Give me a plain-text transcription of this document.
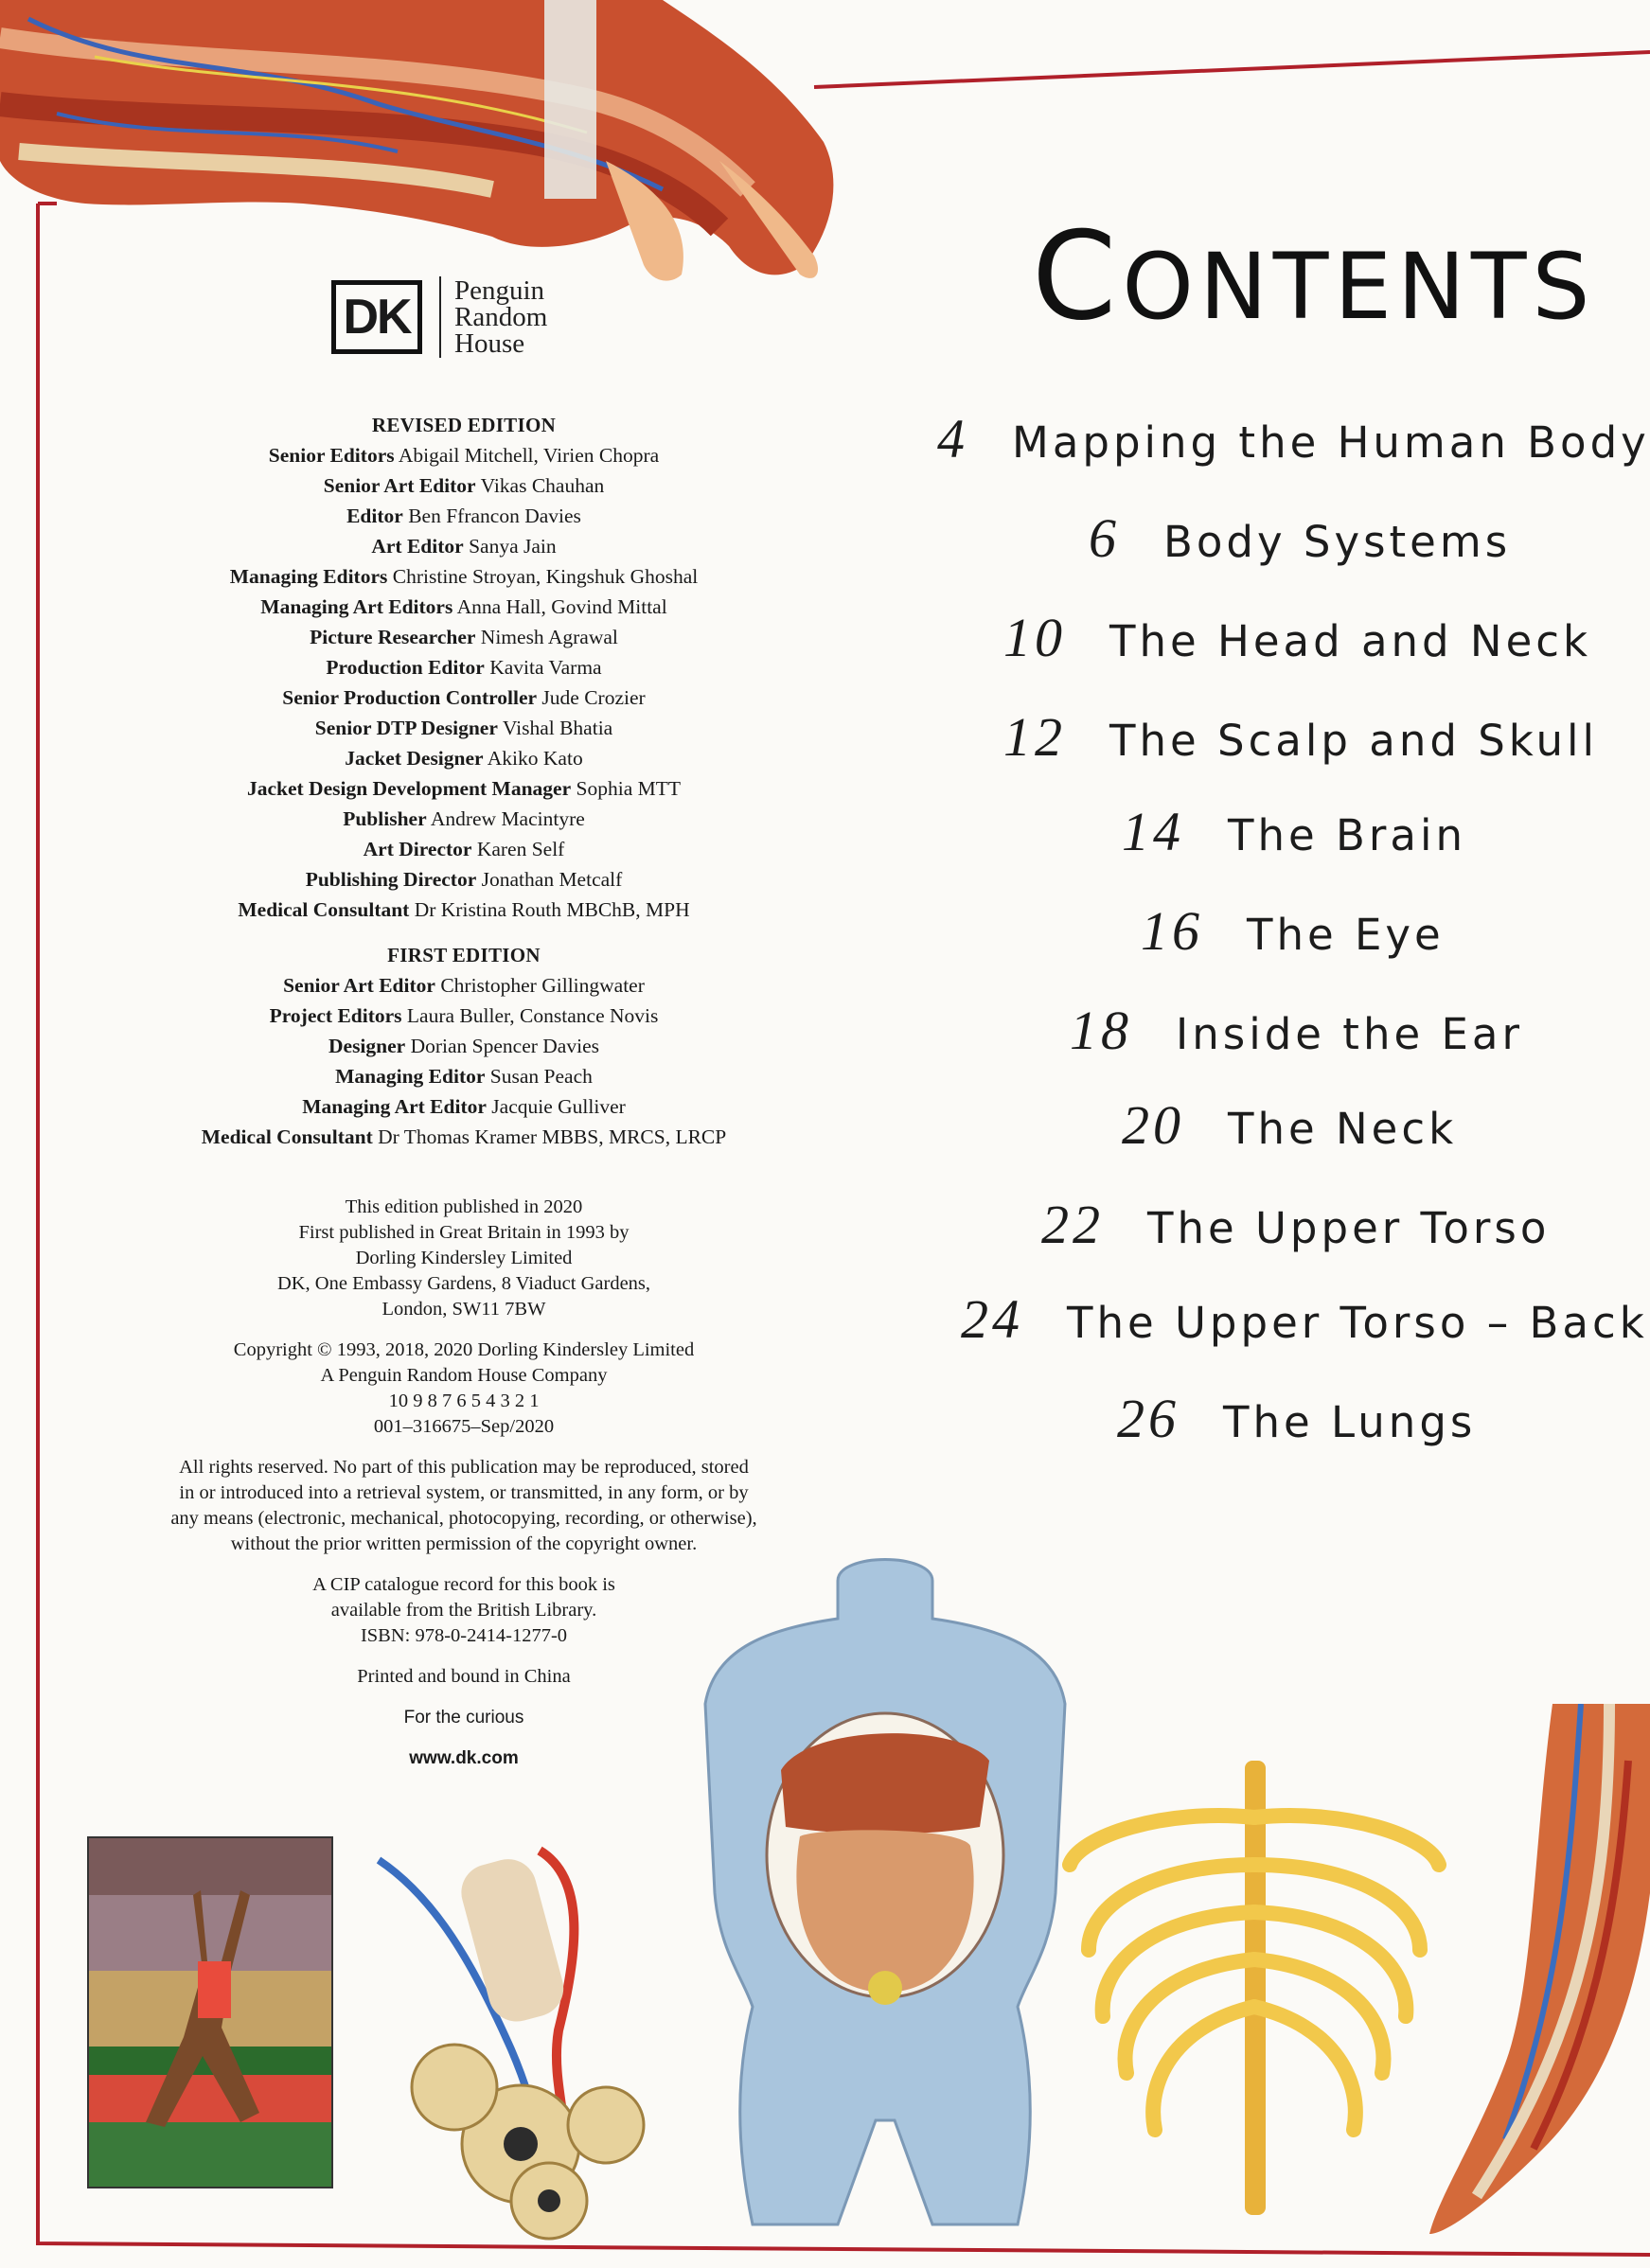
DK	Penguin
Random
House
REVISED EDITION
Senior Editors Abigail Mitchell, Virien Chopra
Senior Art Editor Vikas Chauhan
Editor Ben Ffrancon Davies
Art Editor Sanya Jain
Managing Editors Christine Stroyan, Kingshuk Ghoshal
Managing Art Editors Anna Hall, Govind Mittal
Picture Researcher Nimesh Agrawal
Production Editor Kavita Varma
Senior Production Controller Jude Crozier
Senior DTP Designer Vishal Bhatia
Jacket Designer Akiko Kato
Jacket Design Development Manager Sophia MTT
Publisher Andrew Macintyre
Art Director Karen Self
Publishing Director Jonathan Metcalf
Medical Consultant Dr Kristina Routh MBChB, MPH
FIRST EDITION
Senior Art Editor Christopher Gillingwater
Project Editors Laura Buller, Constance Novis
Designer Dorian Spencer Davies
Managing Editor Susan Peach
Managing Art Editor Jacquie Gulliver
Medical Consultant Dr Thomas Kramer MBBS, MRCS, LRCP
This edition published in 2020
First published in Great Britain in 1993 by
Dorling Kindersley Limited
DK, One Embassy Gardens, 8 Viaduct Gardens,
London, SW11 7BW
Copyright © 1993, 2018, 2020 Dorling Kindersley Limited
A Penguin Random House Company
10 9 8 7 6 5 4 3 2 1
001–316675–Sep/2020
All rights reserved. No part of this publication may be reproduced, stored
in or introduced into a retrieval system, or transmitted, in any form, or by
any means (electronic, mechanical, photocopying, recording, or otherwise),
without the prior written permission of the copyright owner.
A CIP catalogue record for this book is
available from the British Library.
ISBN: 978-0-2414-1277-0
Printed and bound in China
For the curious
www.dk.com
CONTENTS
4 Mapping the Human Body
6 Body Systems
10 The Head and Neck
12 The Scalp and Skull
14 The Brain
16 The Eye
18 Inside the Ear
20 The Neck
22 The Upper Torso
24 The Upper Torso – Back
26 The Lungs
